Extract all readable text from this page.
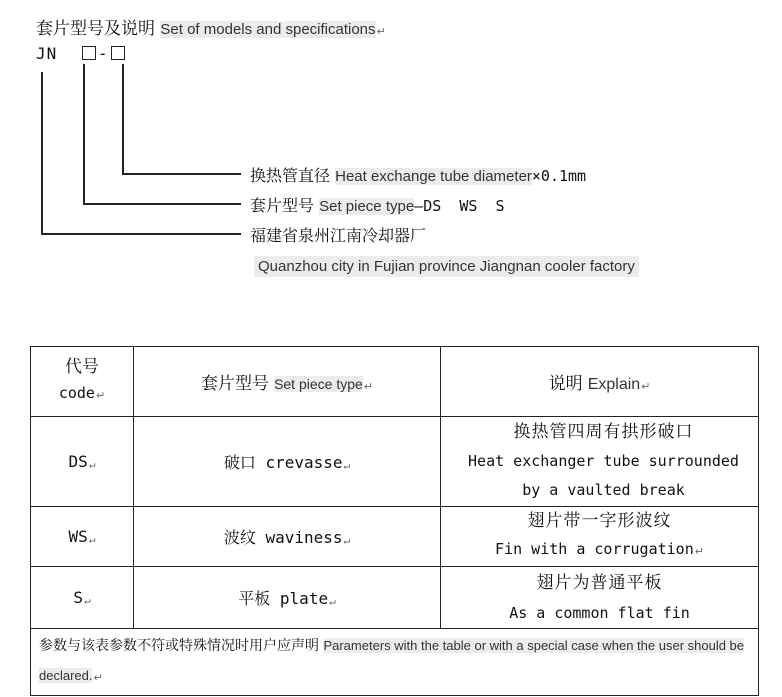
套片型号及说明 Set of models and specifications↵
JN	-
换热管直径 Heat exchange tube diameter×0.1mm
套片型号 Set piece type—DS  WS  S
福建省泉州江南冷却器厂
Quanzhou city in Fujian province Jiangnan cooler factory
代号
code↵	套片型号 Set piece type↵	说明 Explain↵
DS↵	破口 crevasse↵	换热管四周有拱形破口
Heat exchanger tube surrounded
by a vaulted break

WS↵	波纹 waviness↵	翅片带一字形波纹
Fin with a corrugation↵

S↵	平板 plate↵	翅片为普通平板
As a common flat fin

参数与该表参数不符或特殊情况时用户应声明 Parameters with the table or with a special case when the user should be declared.↵		
